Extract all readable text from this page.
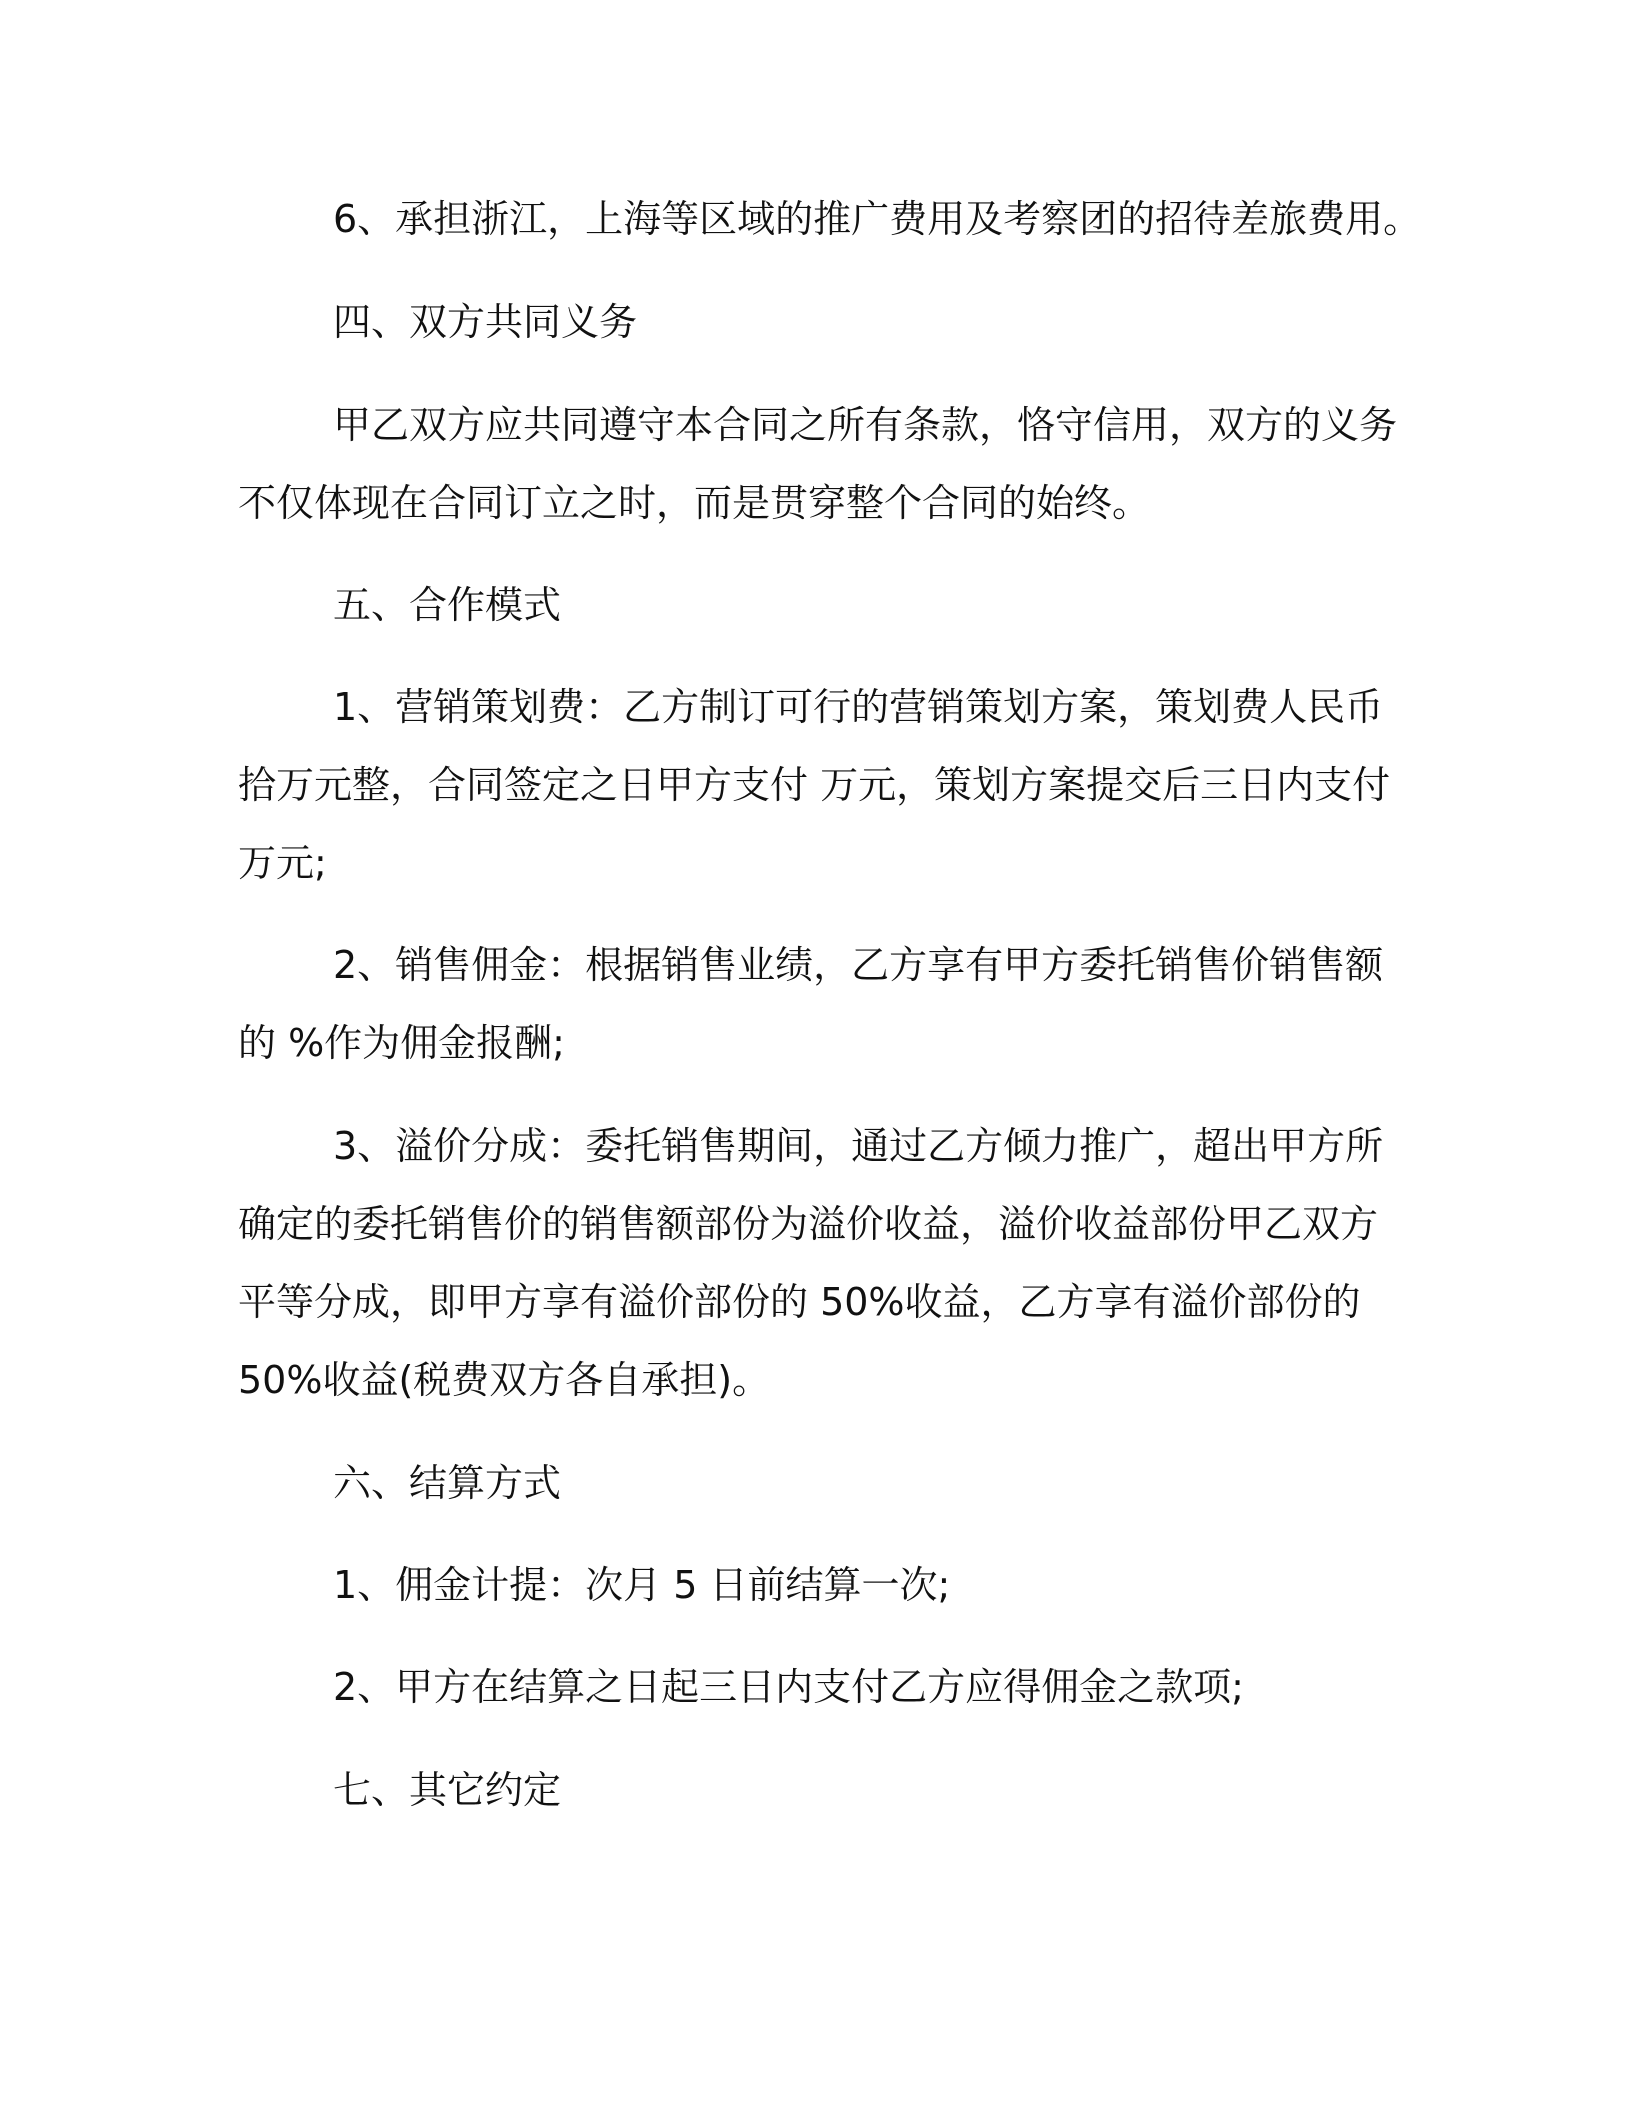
6、承担浙江，上海等区域的推广费用及考察团的招待差旅费用。

四、双方共同义务

甲乙双方应共同遵守本合同之所有条款，恪守信用，双方的义务

不仅体现在合同订立之时，而是贯穿整个合同的始终。

五、合作模式

1、营销策划费：乙方制订可行的营销策划方案，策划费人民币

拾万元整，合同签定之日甲方支付 万元，策划方案提交后三日内支付

万元;

2、销售佣金：根据销售业绩，乙方享有甲方委托销售价销售额

的 %作为佣金报酬;

3、溢价分成：委托销售期间，通过乙方倾力推广，超出甲方所

确定的委托销售价的销售额部份为溢价收益，溢价收益部份甲乙双方

平等分成，即甲方享有溢价部份的 50%收益，乙方享有溢价部份的

50%收益(税费双方各自承担)。

六、结算方式

1、佣金计提：次月 5 日前结算一次;

2、甲方在结算之日起三日内支付乙方应得佣金之款项;

七、其它约定
